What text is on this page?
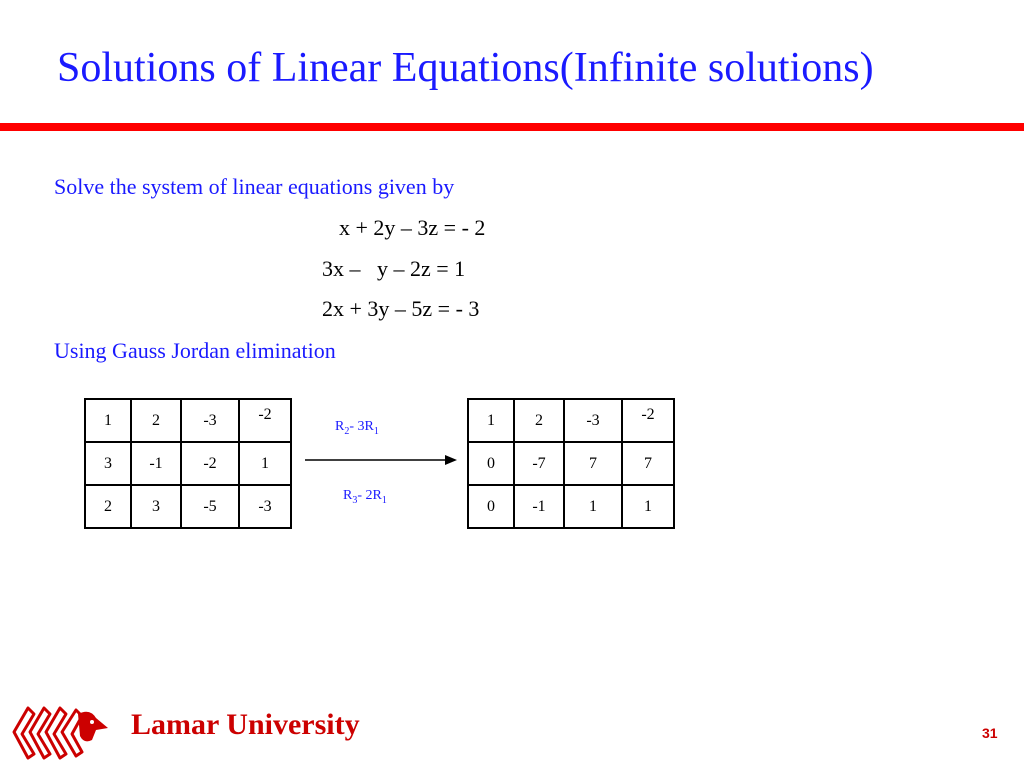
Solutions of Linear Equations(Infinite solutions)
Solve the system of linear equations given by
x + 2y – 3z = - 2
3x –   y – 2z = 1
2x + 3y – 5z = - 3
Using Gauss Jordan elimination
1	2	-3	-2
3	-1	-2	1
2	3	-5	-3
$R_2-$ $3R_1$
$R_3-$ $2R_1$
1	2	-3	-2
0	-7	7	7
0	-1	1	1
Lamar University	31
